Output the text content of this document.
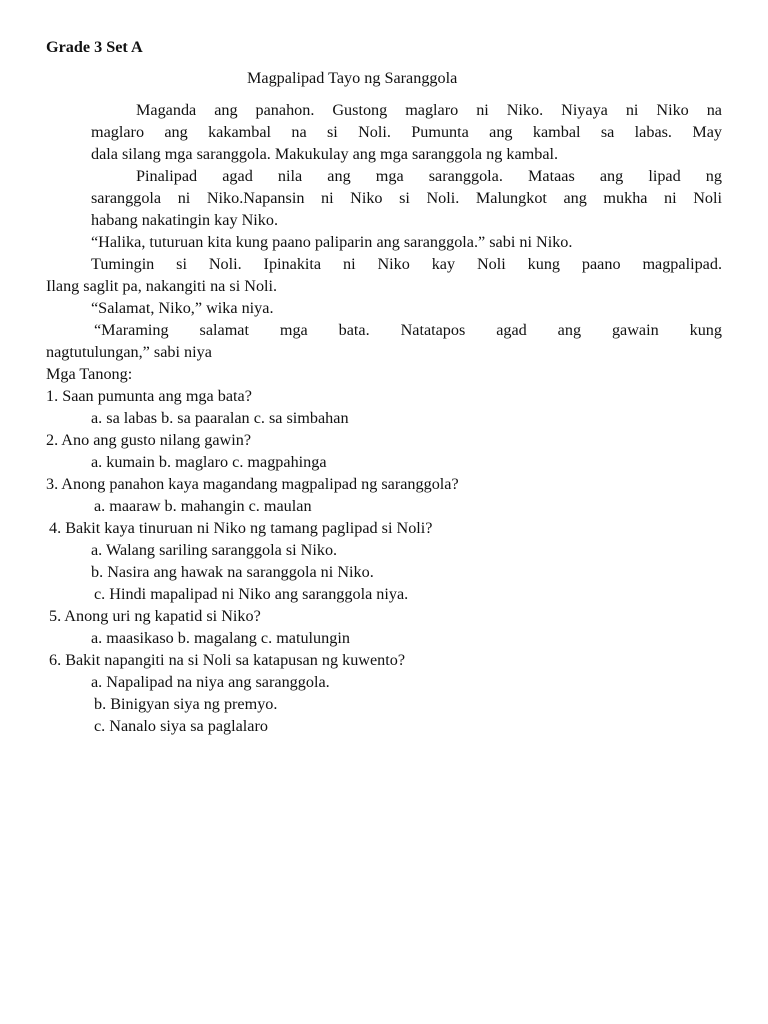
Grade 3 Set A
Magpalipad Tayo ng Saranggola
Maganda ang panahon. Gustong maglaro ni Niko. Niyaya ni Niko na
maglaro ang kakambal na si Noli. Pumunta ang kambal sa labas. May
dala silang mga saranggola. Makukulay ang mga saranggola ng kambal.
Pinalipad agad nila ang mga saranggola. Mataas ang lipad ng
saranggola ni Niko.Napansin ni Niko si Noli. Malungkot ang mukha ni Noli
habang nakatingin kay Niko.
“Halika, tuturuan kita kung paano paliparin ang saranggola.” sabi ni Niko.
Tumingin si Noli. Ipinakita ni Niko kay Noli kung paano magpalipad.
Ilang saglit pa, nakangiti na si Noli.
“Salamat, Niko,” wika niya.
“Maraming salamat mga bata. Natatapos agad ang gawain kung
nagtutulungan,” sabi niya
Mga Tanong:
1. Saan pumunta ang mga bata?
a. sa labas b. sa paaralan c. sa simbahan
2. Ano ang gusto nilang gawin?
a. kumain b. maglaro c. magpahinga
3. Anong panahon kaya magandang magpalipad ng saranggola?
a. maaraw b. mahangin c. maulan
4. Bakit kaya tinuruan ni Niko ng tamang paglipad si Noli?
a. Walang sariling saranggola si Niko.
b. Nasira ang hawak na saranggola ni Niko.
c. Hindi mapalipad ni Niko ang saranggola niya.
5. Anong uri ng kapatid si Niko?
a. maasikaso b. magalang c. matulungin
6. Bakit napangiti na si Noli sa katapusan ng kuwento?
a. Napalipad na niya ang saranggola.
b. Binigyan siya ng premyo.
c. Nanalo siya sa paglalaro
